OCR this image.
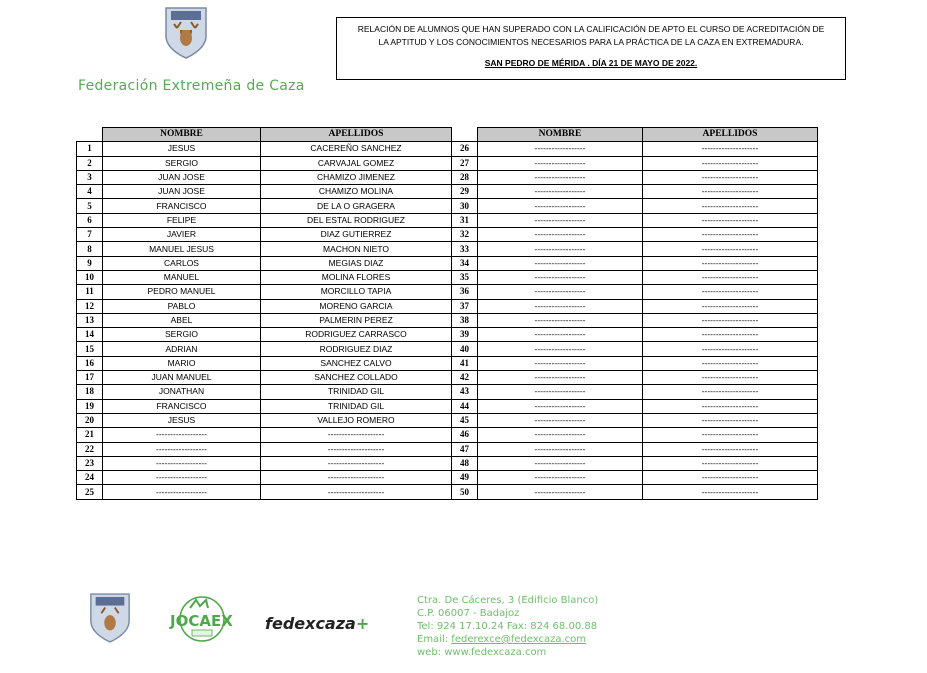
Federación Extremeña de Caza
RELACIÓN DE ALUMNOS QUE HAN SUPERADO CON LA CALIFICACIÓN DE APTO EL CURSO DE ACREDITACIÓN DE
LA APTITUD Y LOS CONOCIMIENTOS NECESARIOS PARA LA PRÁCTICA DE LA CAZA EN EXTREMADURA.
SAN PEDRO DE MÉRIDA . DÍA 21 DE MAYO DE 2022.
	NOMBRE	APELLIDOS		NOMBRE	APELLIDOS
1	JESUS	CACEREÑO SANCHEZ	26	------------------	--------------------
2	SERGIO	CARVAJAL GOMEZ	27	------------------	--------------------
3	JUAN JOSE	CHAMIZO JIMENEZ	28	------------------	--------------------
4	JUAN JOSE	CHAMIZO MOLINA	29	------------------	--------------------
5	FRANCISCO	DE LA O GRAGERA	30	------------------	--------------------
6	FELIPE	DEL ESTAL RODRIGUEZ	31	------------------	--------------------
7	JAVIER	DIAZ GUTIERREZ	32	------------------	--------------------
8	MANUEL JESUS	MACHON NIETO	33	------------------	--------------------
9	CARLOS	MEGIAS DIAZ	34	------------------	--------------------
10	MANUEL	MOLINA FLORES	35	------------------	--------------------
11	PEDRO MANUEL	MORCILLO TAPIA	36	------------------	--------------------
12	PABLO	MORENO GARCIA	37	------------------	--------------------
13	ABEL	PALMERIN PEREZ	38	------------------	--------------------
14	SERGIO	RODRIGUEZ CARRASCO	39	------------------	--------------------
15	ADRIAN	RODRIGUEZ DIAZ	40	------------------	--------------------
16	MARIO	SANCHEZ CALVO	41	------------------	--------------------
17	JUAN MANUEL	SANCHEZ COLLADO	42	------------------	--------------------
18	JONATHAN	TRINIDAD GIL	43	------------------	--------------------
19	FRANCISCO	TRINIDAD GIL	44	------------------	--------------------
20	JESUS	VALLEJO ROMERO	45	------------------	--------------------
21	------------------	--------------------	46	------------------	--------------------
22	------------------	--------------------	47	------------------	--------------------
23	------------------	--------------------	48	------------------	--------------------
24	------------------	--------------------	49	------------------	--------------------
25	------------------	--------------------	50	------------------	--------------------
JOCAEX fedexcaza+
Ctra. De Cáceres, 3 (Edificio Blanco)
C.P. 06007 - Badajoz
Tel: 924 17.10.24 Fax: 824 68.00.88
Email: federexce@fedexcaza.com
web: www.fedexcaza.com
